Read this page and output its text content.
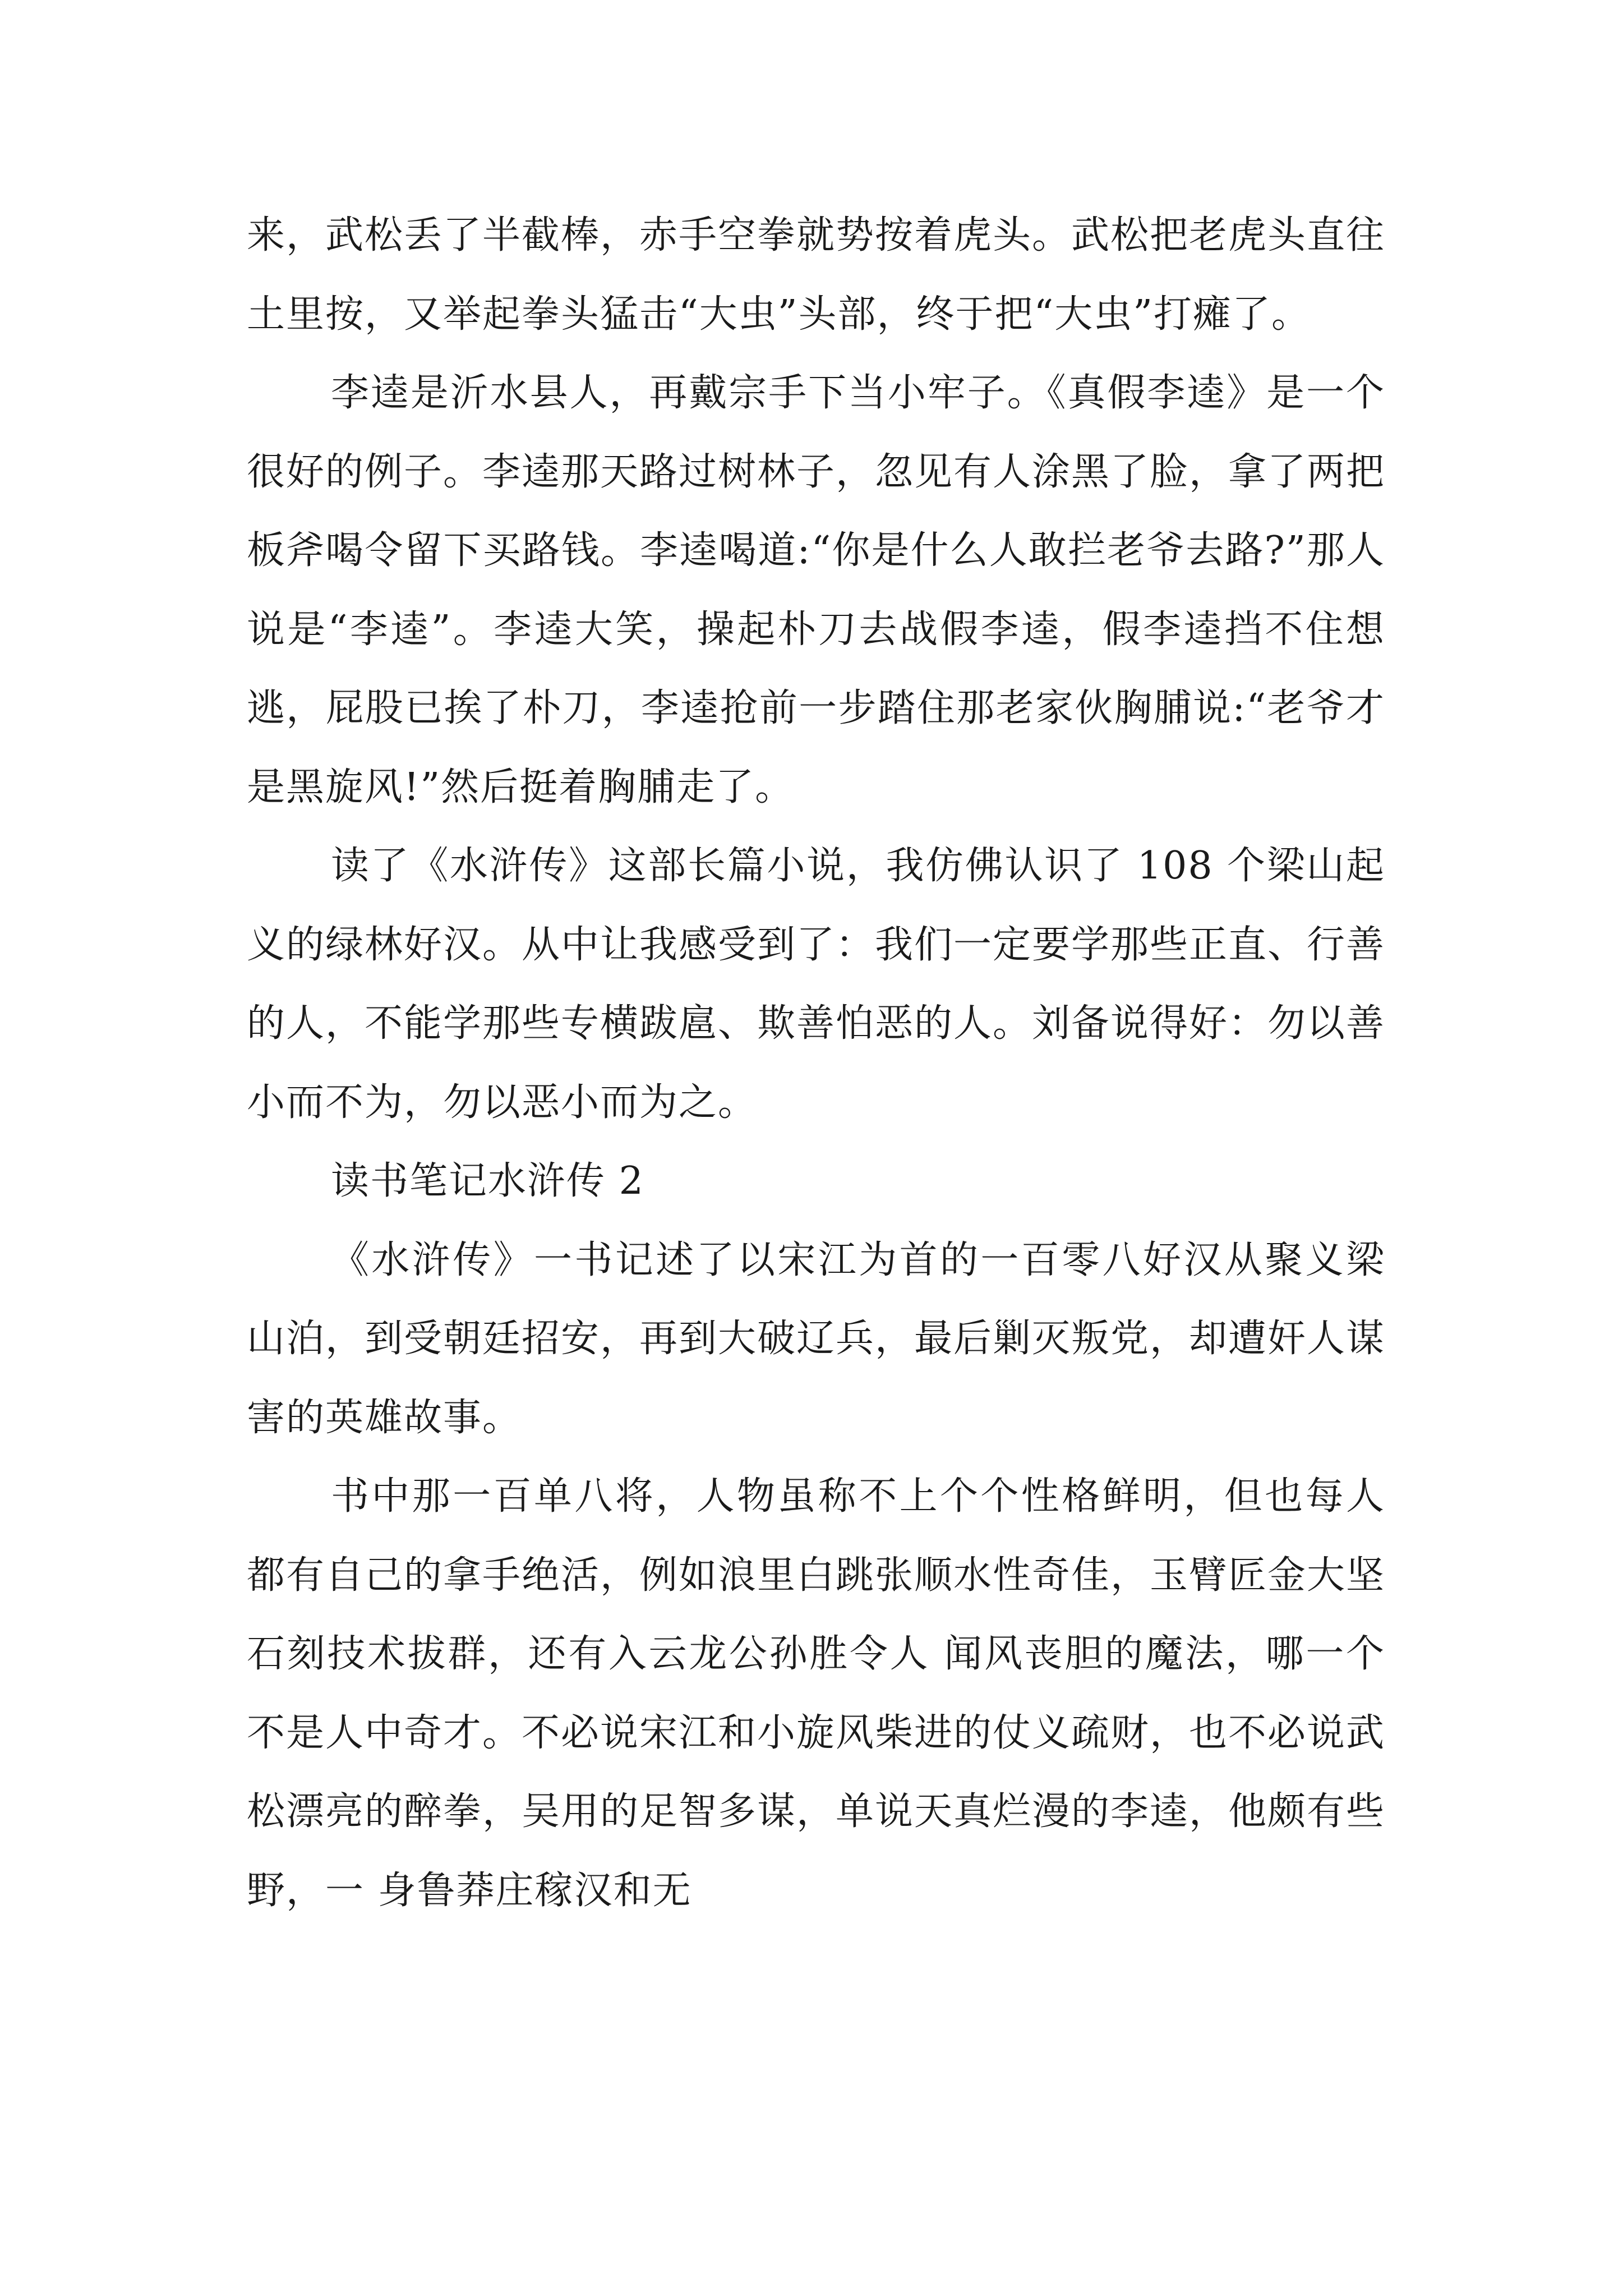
来，武松丢了半截棒，赤手空拳就势按着虎头。武松把老虎头直往土里按，又举起拳头猛击“大虫”头部，终于把“大虫”打瘫了。

李逵是沂水县人，再戴宗手下当小牢子。《真假李逵》是一个很好的例子。李逵那天路过树林子，忽见有人涂黑了脸，拿了两把板斧喝令留下买路钱。李逵喝道:“你是什么人敢拦老爷去路?”那人说是“李逵”。李逵大笑，操起朴刀去战假李逵，假李逵挡不住想逃，屁股已挨了朴刀，李逵抢前一步踏住那老家伙胸脯说:“老爷才是黑旋风!”然后挺着胸脯走了。

读了《水浒传》这部长篇小说，我仿佛认识了 108 个梁山起义的绿林好汉。从中让我感受到了：我们一定要学那些正直、行善的人，不能学那些专横跋扈、欺善怕恶的人。刘备说得好：勿以善小而不为，勿以恶小而为之。

读书笔记水浒传 2

《水浒传》一书记述了以宋江为首的一百零八好汉从聚义梁山泊，到受朝廷招安，再到大破辽兵，最后剿灭叛党，却遭奸人谋害的英雄故事。

书中那一百单八将，人物虽称不上个个性格鲜明，但也每人都有自己的拿手绝活，例如浪里白跳张顺水性奇佳，玉臂匠金大坚石刻技术拔群，还有入云龙公孙胜令人 闻风丧胆的魔法，哪一个不是人中奇才。不必说宋江和小旋风柴进的仗义疏财，也不必说武松漂亮的醉拳，吴用的足智多谋，单说天真烂漫的李逵，他颇有些野，一 身鲁莽庄稼汉和无
